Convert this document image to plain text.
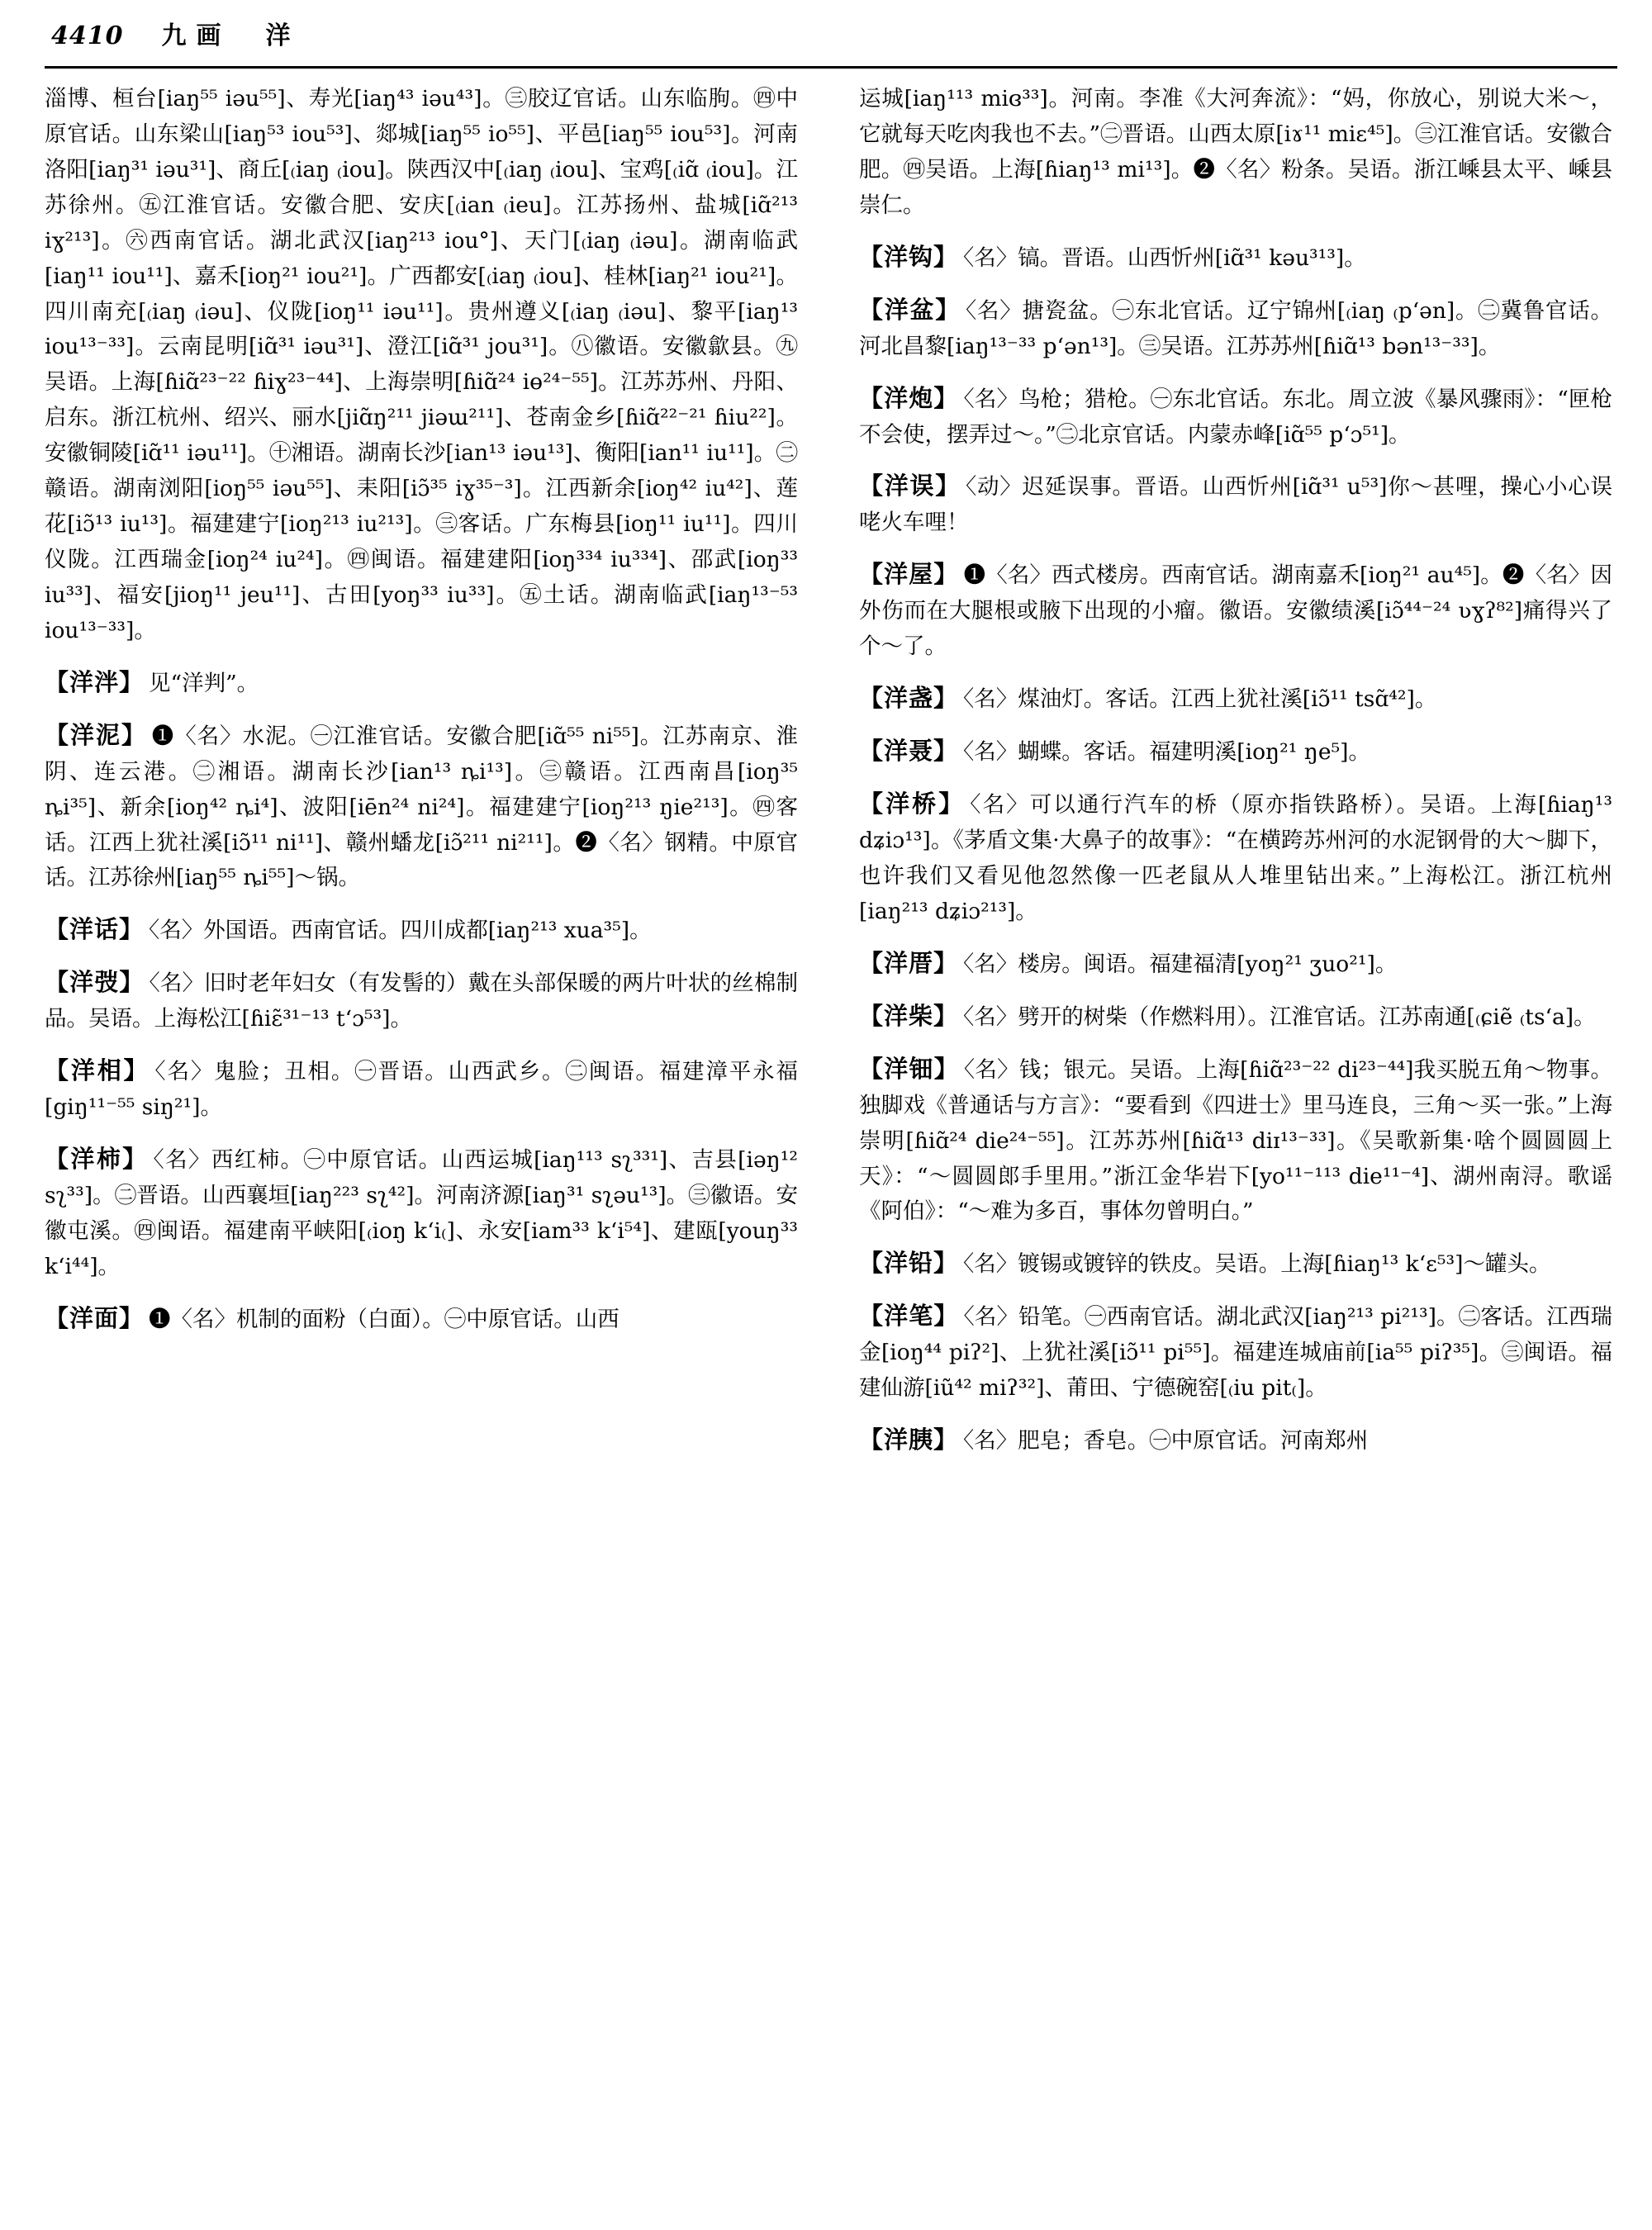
4410 九画　洋
淄博、桓台[iaŋ⁵⁵ iəu⁵⁵]、寿光[iaŋ⁴³ iəu⁴³]。㊂胶辽官话。山东临朐。㊃中原官话。山东梁山[iaŋ⁵³ iou⁵³]、郯城[iaŋ⁵⁵ io⁵⁵]、平邑[iaŋ⁵⁵ iou⁵³]。河南洛阳[iaŋ³¹ iəu³¹]、商丘[₍iaŋ ₍iou]。陕西汉中[₍iaŋ ₍iou]、宝鸡[₍iɑ̃ ₍iou]。江苏徐州。㊄江淮官话。安徽合肥、安庆[₍ian ₍ieu]。江苏扬州、盐城[iɑ̃²¹³ iɣ²¹³]。㊅西南官话。湖北武汉[iaŋ²¹³ iou°]、天门[₍iaŋ ₍iəu]。湖南临武 [iaŋ¹¹ iou¹¹]、嘉禾[ioŋ²¹ iou²¹]。广西都安[₍iaŋ ₍iou]、桂林[iaŋ²¹ iou²¹]。四川南充[₍iaŋ ₍iəu]、仪陇[ioŋ¹¹ iəu¹¹]。贵州遵义[₍iaŋ ₍iəu]、黎平[iaŋ¹³ iou¹³⁻³³]。云南昆明[iɑ̃³¹ iəu³¹]、澄江[iɑ̃³¹ jou³¹]。㊇徽语。安徽歙县。㊈吴语。上海[ɦiɑ̃²³⁻²² ɦiɣ²³⁻⁴⁴]、上海崇明[ɦiɑ̃²⁴ iɵ²⁴⁻⁵⁵]。江苏苏州、丹阳、启东。浙江杭州、绍兴、丽水[jiɑ̃ŋ²¹¹ jiəɯ²¹¹]、苍南金乡[ɦiɑ̃²²⁻²¹ ɦiu²²]。安徽铜陵[iɑ̃¹¹ iəu¹¹]。㊉湘语。湖南长沙[ian¹³ iəu¹³]、衡阳[ian¹¹ iu¹¹]。㊁赣语。湖南浏阳[ioŋ⁵⁵ iəu⁵⁵]、耒阳[iɔ̃³⁵ iɣ³⁵⁻³]。江西新余[ioŋ⁴² iu⁴²]、莲花[iɔ̃¹³ iu¹³]。福建建宁[ioŋ²¹³ iu²¹³]。㊂客话。广东梅县[ioŋ¹¹ iu¹¹]。四川仪陇。江西瑞金[ioŋ²⁴ iu²⁴]。㊃闽语。福建建阳[ioŋ³³⁴ iu³³⁴]、邵武[ioŋ³³ iu³³]、福安[jioŋ¹¹ jeu¹¹]、古田[yoŋ³³ iu³³]。㊄土话。湖南临武[iaŋ¹³⁻⁵³ iou¹³⁻³³]。
【洋泮】 见“洋判”。
【洋泥】 ❶〈名〉水泥。㊀江淮官话。安徽合肥[iɑ̃⁵⁵ ni⁵⁵]。江苏南京、淮阴、连云港。㊁湘语。湖南长沙[ian¹³ ȵi¹³]。㊂赣语。江西南昌[ioŋ³⁵ ȵi³⁵]、新余[ioŋ⁴² ȵi⁴]、波阳[iēn²⁴ ni²⁴]。福建建宁[ioŋ²¹³ ŋie²¹³]。㊃客话。江西上犹社溪[iɔ̃¹¹ ni¹¹]、赣州蟠龙[iɔ̃²¹¹ ni²¹¹]。❷〈名〉钢精。中原官话。江苏徐州[iaŋ⁵⁵ ȵi⁵⁵]～锅。
【洋话】 〈名〉外国语。西南官话。四川成都[iaŋ²¹³ xua³⁵]。
【洋弢】 〈名〉旧时老年妇女（有发髻的）戴在头部保暖的两片叶状的丝棉制品。吴语。上海松江[ɦiɛ̃³¹⁻¹³ t‘ɔ⁵³]。
【洋相】 〈名〉鬼脸；丑相。㊀晋语。山西武乡。㊁闽语。福建漳平永福[giŋ¹¹⁻⁵⁵ siŋ²¹]。
【洋柿】 〈名〉西红柿。㊀中原官话。山西运城[iaŋ¹¹³ sʅ³³¹]、吉县[iəŋ¹² sʅ³³]。㊁晋语。山西襄垣[iaŋ²²³ sʅ⁴²]。河南济源[iaŋ³¹ sʅəu¹³]。㊂徽语。安徽屯溪。㊃闽语。福建南平峡阳[₍ioŋ k‘i₍]、永安[iam³³ k‘i⁵⁴]、建瓯[youŋ³³ k‘i⁴⁴]。
【洋面】 ❶〈名〉机制的面粉（白面）。㊀中原官话。山西
运城[iaŋ¹¹³ miɞ³³]。河南。李准《大河奔流》：“妈，你放心，别说大米～，它就每天吃肉我也不去。”㊁晋语。山西太原[iɤ¹¹ miɛ⁴⁵]。㊂江淮官话。安徽合肥。㊃吴语。上海[ɦiaŋ¹³ mi¹³]。❷〈名〉粉条。吴语。浙江嵊县太平、嵊县崇仁。
【洋钩】 〈名〉镐。晋语。山西忻州[iɑ̃³¹ kəu³¹³]。
【洋盆】 〈名〉搪瓷盆。㊀东北官话。辽宁锦州[₍iaŋ ₍p‘ən]。㊁冀鲁官话。河北昌黎[iaŋ¹³⁻³³ p‘ən¹³]。㊂吴语。江苏苏州[ɦiɑ̃¹³ bən¹³⁻³³]。
【洋炮】 〈名〉鸟枪；猎枪。㊀东北官话。东北。周立波《暴风骤雨》：“匣枪不会使，摆弄过～。”㊁北京官话。内蒙赤峰[iɑ̃⁵⁵ p‘ɔ⁵¹]。
【洋误】 〈动〉迟延误事。晋语。山西忻州[iɑ̃³¹ u⁵³]你～甚哩，操心小心误咾火车哩！
【洋屋】 ❶〈名〉西式楼房。西南官话。湖南嘉禾[ioŋ²¹ au⁴⁵]。❷〈名〉因外伤而在大腿根或腋下出现的小瘤。徽语。安徽绩溪[iɔ̃⁴⁴⁻²⁴ ʋɣʔ⁸²]痛得兴了个～了。
【洋盏】 〈名〉煤油灯。客话。江西上犹社溪[iɔ̃¹¹ tsɑ̃⁴²]。
【洋聂】 〈名〉蝴蝶。客话。福建明溪[ioŋ²¹ ŋe⁵]。
【洋桥】 〈名〉可以通行汽车的桥（原亦指铁路桥）。吴语。上海[ɦiaŋ¹³ dʑiɔ¹³]。《茅盾文集·大鼻子的故事》：“在横跨苏州河的水泥钢骨的大～脚下，也许我们又看见他忽然像一匹老鼠从人堆里钻出来。”上海松江。浙江杭州[iaŋ²¹³ dʑiɔ²¹³]。
【洋厝】 〈名〉楼房。闽语。福建福清[yoŋ²¹ ʒuo²¹]。
【洋柴】 〈名〉劈开的树柴（作燃料用）。江淮官话。江苏南通[₍ɕiẽ ₍ts‘a]。
【洋钿】 〈名〉钱；银元。吴语。上海[ɦiɑ̃²³⁻²² di²³⁻⁴⁴]我买脱五角～物事。独脚戏《普通话与方言》：“要看到《四进士》里马连良，三角～买一张。”上海崇明[ɦiɑ̃²⁴ die²⁴⁻⁵⁵]。江苏苏州[ɦiɑ̃¹³ diɪ¹³⁻³³]。《吴歌新集·啥个圆圆圆上天》：“～圆圆郎手里用。”浙江金华岩下[yo¹¹⁻¹¹³ die¹¹⁻⁴]、湖州南浔。歌谣《阿伯》：“～难为多百，事体勿曾明白。”
【洋铅】 〈名〉镀锡或镀锌的铁皮。吴语。上海[ɦiaŋ¹³ k‘ɛ⁵³]～罐头。
【洋笔】 〈名〉铅笔。㊀西南官话。湖北武汉[iaŋ²¹³ pi²¹³]。㊁客话。江西瑞金[ioŋ⁴⁴ piʔ²]、上犹社溪[iɔ̃¹¹ pi⁵⁵]。福建连城庙前[ia⁵⁵ piʔ³⁵]。㊂闽语。福建仙游[iũ⁴² miʔ³²]、莆田、宁德碗窑[₍iu pit₍]。
【洋胰】 〈名〉肥皂；香皂。㊀中原官话。河南郑州
